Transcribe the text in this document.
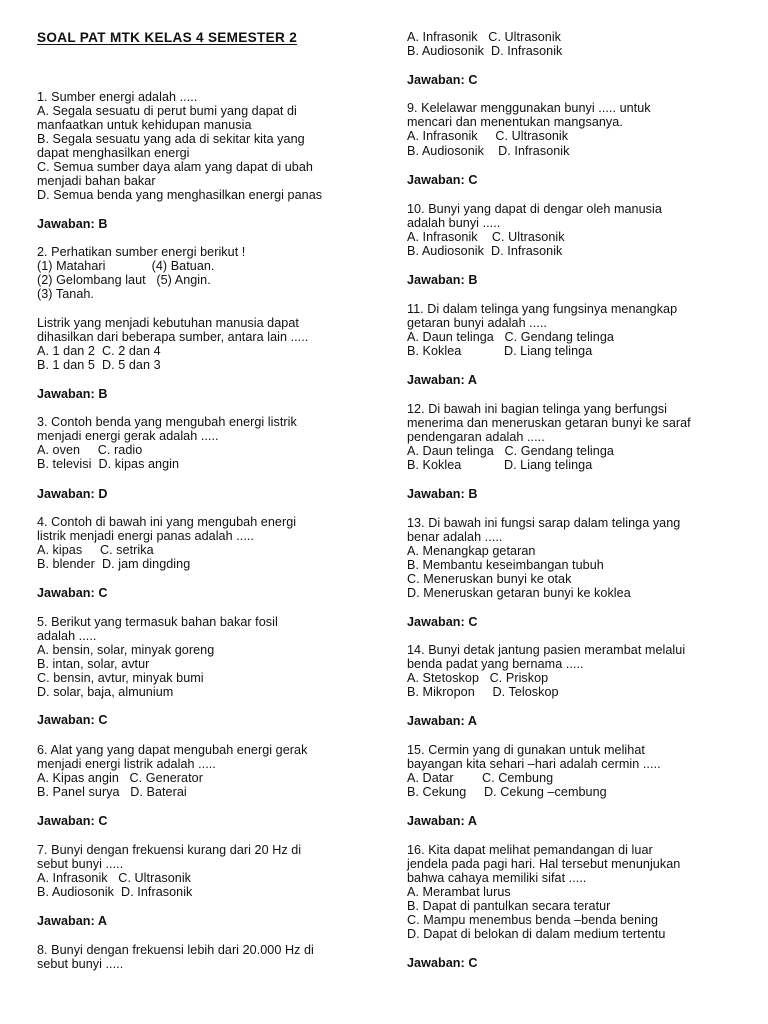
SOAL PAT MTK KELAS 4 SEMESTER 2
1. Sumber energi adalah .....
A. Segala sesuatu di perut bumi yang dapat di
manfaatkan untuk kehidupan manusia
B. Segala sesuatu yang ada di sekitar kita yang
dapat menghasilkan energi
C. Semua sumber daya alam yang dapat di ubah
menjadi bahan bakar
D. Semua benda yang menghasilkan energi panas
Jawaban: B
2. Perhatikan sumber energi berikut !
(1) Matahari             (4) Batuan.
(2) Gelombang laut   (5) Angin.
(3) Tanah.
Listrik yang menjadi kebutuhan manusia dapat
dihasilkan dari beberapa sumber, antara lain .....
A. 1 dan 2  C. 2 dan 4
B. 1 dan 5  D. 5 dan 3
Jawaban: B
3. Contoh benda yang mengubah energi listrik
menjadi energi gerak adalah .....
A. oven     C. radio
B. televisi  D. kipas angin
Jawaban: D
4. Contoh di bawah ini yang mengubah energi
listrik menjadi energi panas adalah .....
A. kipas     C. setrika
B. blender  D. jam dingding
Jawaban: C
5. Berikut yang termasuk bahan bakar fosil
adalah .....
A. bensin, solar, minyak goreng
B. intan, solar, avtur
C. bensin, avtur, minyak bumi
D. solar, baja, almunium
Jawaban: C
6. Alat yang yang dapat mengubah energi gerak
menjadi energi listrik adalah .....
A. Kipas angin   C. Generator
B. Panel surya   D. Baterai
Jawaban: C
7. Bunyi dengan frekuensi kurang dari 20 Hz di
sebut bunyi .....
A. Infrasonik   C. Ultrasonik
B. Audiosonik  D. Infrasonik
Jawaban: A
8. Bunyi dengan frekuensi lebih dari 20.000 Hz di
sebut bunyi .....
A. Infrasonik   C. Ultrasonik
B. Audiosonik  D. Infrasonik
Jawaban: C
9. Kelelawar menggunakan bunyi ..... untuk
mencari dan menentukan mangsanya.
A. Infrasonik     C. Ultrasonik
B. Audiosonik    D. Infrasonik
Jawaban: C
10. Bunyi yang dapat di dengar oleh manusia
adalah bunyi .....
A. Infrasonik    C. Ultrasonik
B. Audiosonik  D. Infrasonik
Jawaban: B
11. Di dalam telinga yang fungsinya menangkap
getaran bunyi adalah .....
A. Daun telinga   C. Gendang telinga
B. Koklea            D. Liang telinga
Jawaban: A
12. Di bawah ini bagian telinga yang berfungsi
menerima dan meneruskan getaran bunyi ke saraf
pendengaran adalah .....
A. Daun telinga   C. Gendang telinga
B. Koklea            D. Liang telinga
Jawaban: B
13. Di bawah ini fungsi sarap dalam telinga yang
benar adalah .....
A. Menangkap getaran
B. Membantu keseimbangan tubuh
C. Meneruskan bunyi ke otak
D. Meneruskan getaran bunyi ke koklea
Jawaban: C
14. Bunyi detak jantung pasien merambat melalui
benda padat yang bernama .....
A. Stetoskop   C. Priskop
B. Mikropon     D. Teloskop
Jawaban: A
15. Cermin yang di gunakan untuk melihat
bayangan kita sehari –hari adalah cermin .....
A. Datar        C. Cembung
B. Cekung     D. Cekung –cembung
Jawaban: A
16. Kita dapat melihat pemandangan di luar
jendela pada pagi hari. Hal tersebut menunjukan
bahwa cahaya memiliki sifat .....
A. Merambat lurus
B. Dapat di pantulkan secara teratur
C. Mampu menembus benda –benda bening
D. Dapat di belokan di dalam medium tertentu
Jawaban: C
